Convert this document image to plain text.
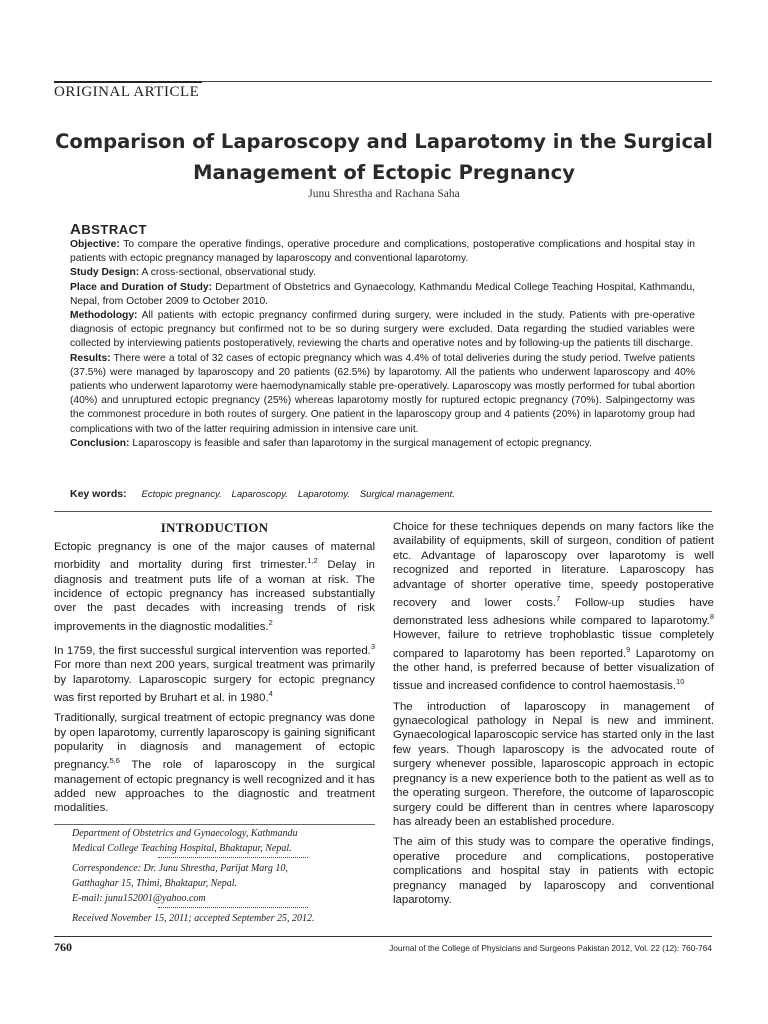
ORIGINAL ARTICLE
Comparison of Laparoscopy and Laparotomy in the Surgical
Management of Ectopic Pregnancy
Junu Shrestha and Rachana Saha
ABSTRACT

Objective: To compare the operative findings, operative procedure and complications, postoperative complications and hospital stay in patients with ectopic pregnancy managed by laparoscopy and conventional laparotomy.

Study Design: A cross-sectional, observational study.

Place and Duration of Study: Department of Obstetrics and Gynaecology, Kathmandu Medical College Teaching Hospital, Kathmandu, Nepal, from October 2009 to October 2010.

Methodology: All patients with ectopic pregnancy confirmed during surgery, were included in the study. Patients with pre-operative diagnosis of ectopic pregnancy but confirmed not to be so during surgery were excluded. Data regarding the studied variables were collected by interviewing patients postoperatively, reviewing the charts and operative notes and by following-up the patients till discharge.

Results: There were a total of 32 cases of ectopic pregnancy which was 4.4% of total deliveries during the study period. Twelve patients (37.5%) were managed by laparoscopy and 20 patients (62.5%) by laparotomy. All the patients who underwent laparoscopy and 40% patients who underwent laparotomy were haemodynamically stable pre-operatively. Laparoscopy was mostly performed for tubal abortion (40%) and unruptured ectopic pregnancy (25%) whereas laparotomy mostly for ruptured ectopic pregnancy (70%). Salpingectomy was the commonest procedure in both routes of surgery. One patient in the laparoscopy group and 4 patients (20%) in laparotomy group had complications with two of the latter requiring admission in intensive care unit.

Conclusion: Laparoscopy is feasible and safer than laparotomy in the surgical management of ectopic pregnancy.

Key words: Ectopic pregnancy. Laparoscopy. Laparotomy. Surgical management.
INTRODUCTION

Ectopic pregnancy is one of the major causes of maternal morbidity and mortality during first trimester.$^{1,2}$ Delay in diagnosis and treatment puts life of a woman at risk. The incidence of ectopic pregnancy has increased substantially over the past decades with increasing trends of risk improvements in the diagnostic modalities.$^2$

In 1759, the first successful surgical intervention was reported.$^3$ For more than next 200 years, surgical treatment was primarily by laparotomy. Laparoscopic surgery for ectopic pregnancy was first reported by Bruhart et al. in 1980.$^4$

Traditionally, surgical treatment of ectopic pregnancy was done by open laparotomy, currently laparoscopy is gaining significant popularity in diagnosis and management of ectopic pregnancy.$^{5,6}$ The role of laparoscopy in the surgical management of ectopic pregnancy is well recognized and it has added new approaches to the diagnostic and treatment modalities.

Department of Obstetrics and Gynaecology, Kathmandu

Medical College Teaching Hospital, Bhaktapur, Nepal.

Correspondence: Dr. Junu Shrestha, Parijat Marg 10,

Gatthaghar 15, Thimi, Bhaktapur, Nepal.

E-mail: junu152001@yahoo.com

Received November 15, 2011; accepted September 25, 2012.

Choice for these techniques depends on many factors like the availability of equipments, skill of surgeon, condition of patient etc. Advantage of laparoscopy over laparotomy is well recognized and reported in literature. Laparoscopy has advantage of shorter operative time, speedy postoperative recovery and lower costs.$^7$ Follow-up studies have demonstrated less adhesions while compared to laparotomy.$^8$ However, failure to retrieve trophoblastic tissue completely compared to laparotomy has been reported.$^9$ Laparotomy on the other hand, is preferred because of better visualization of tissue and increased confidence to control haemostasis.$^{10}$

The introduction of laparoscopy in management of gynaecological pathology in Nepal is new and imminent. Gynaecological laparoscopic service has started only in the last few years. Though laparoscopy is the advocated route of surgery whenever possible, laparoscopic approach in ectopic pregnancy is a new experience both to the patient as well as to the operating surgeon. Therefore, the outcome of laparoscopic surgery could be different than in centres where laparoscopy has already been an established procedure.

The aim of this study was to compare the operative findings, operative procedure and complications, postoperative complications and hospital stay in patients with ectopic pregnancy managed by laparoscopy and conventional laparotomy.

760	Journal of the College of Physicians and Surgeons Pakistan 2012, Vol. 22 (12): 760-764
